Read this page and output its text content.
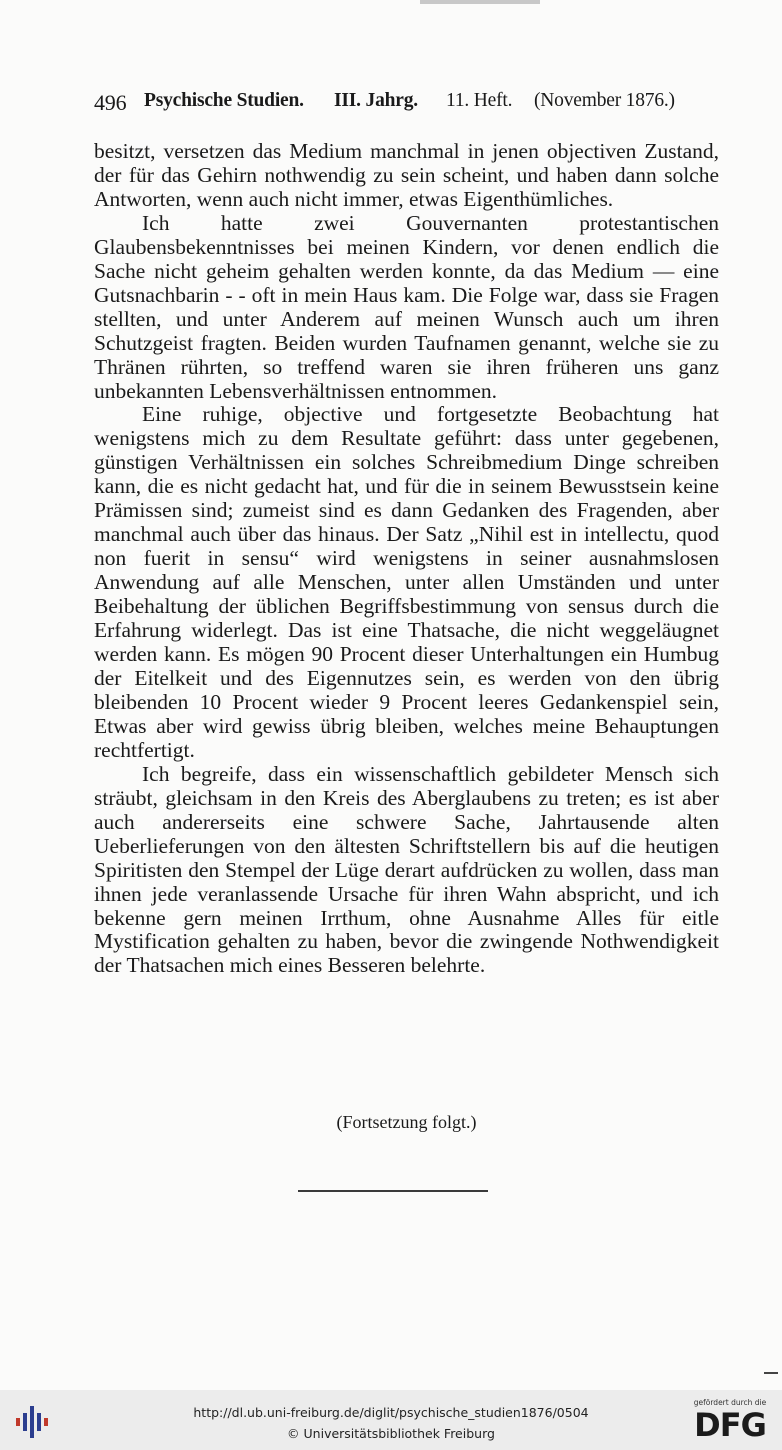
496 Psychische Studien. III. Jahrg. 11. Heft. (November 1876.)

besitzt, versetzen das Medium manchmal in jenen objectiven Zustand, der für das Gehirn nothwendig zu sein scheint, und haben dann solche Antworten, wenn auch nicht immer, etwas Eigenthümliches.

Ich hatte zwei Gouvernanten protestantischen Glaubensbekenntnisses bei meinen Kindern, vor denen endlich die Sache nicht geheim gehalten werden konnte, da das Medium — eine Gutsnachbarin - - oft in mein Haus kam. Die Folge war, dass sie Fragen stellten, und unter Anderem auf meinen Wunsch auch um ihren Schutzgeist fragten. Beiden wurden Taufnamen genannt, welche sie zu Thränen rührten, so treffend waren sie ihren früheren uns ganz unbekannten Lebensverhältnissen entnommen.

Eine ruhige, objective und fortgesetzte Beobachtung hat wenigstens mich zu dem Resultate geführt: dass unter gegebenen, günstigen Verhältnissen ein solches Schreibmedium Dinge schreiben kann, die es nicht gedacht hat, und für die in seinem Bewusstsein keine Prämissen sind; zumeist sind es dann Gedanken des Fragenden, aber manchmal auch über das hinaus. Der Satz „Nihil est in intellectu, quod non fuerit in sensu“ wird wenigstens in seiner ausnahmslosen Anwendung auf alle Menschen, unter allen Umständen und unter Beibehaltung der üblichen Begriffsbestimmung von sensus durch die Erfahrung widerlegt. Das ist eine Thatsache, die nicht weggeläugnet werden kann. Es mögen 90 Procent dieser Unterhaltungen ein Humbug der Eitelkeit und des Eigennutzes sein, es werden von den übrig bleibenden 10 Procent wieder 9 Procent leeres Gedankenspiel sein, Etwas aber wird gewiss übrig bleiben, welches meine Behauptungen rechtfertigt.

Ich begreife, dass ein wissenschaftlich gebildeter Mensch sich sträubt, gleichsam in den Kreis des Aberglaubens zu treten; es ist aber auch andererseits eine schwere Sache, Jahrtausende alten Ueberlieferungen von den ältesten Schriftstellern bis auf die heutigen Spiritisten den Stempel der Lüge derart aufdrücken zu wollen, dass man ihnen jede veranlassende Ursache für ihren Wahn abspricht, und ich bekenne gern meinen Irrthum, ohne Ausnahme Alles für eitle Mystification gehalten zu haben, bevor die zwingende Nothwendigkeit der Thatsachen mich eines Besseren belehrte.

(Fortsetzung folgt.)
http://dl.ub.uni-freiburg.de/diglit/psychische_studien1876/0504
© Universitätsbibliothek Freiburg
gefördert durch die
DFG
